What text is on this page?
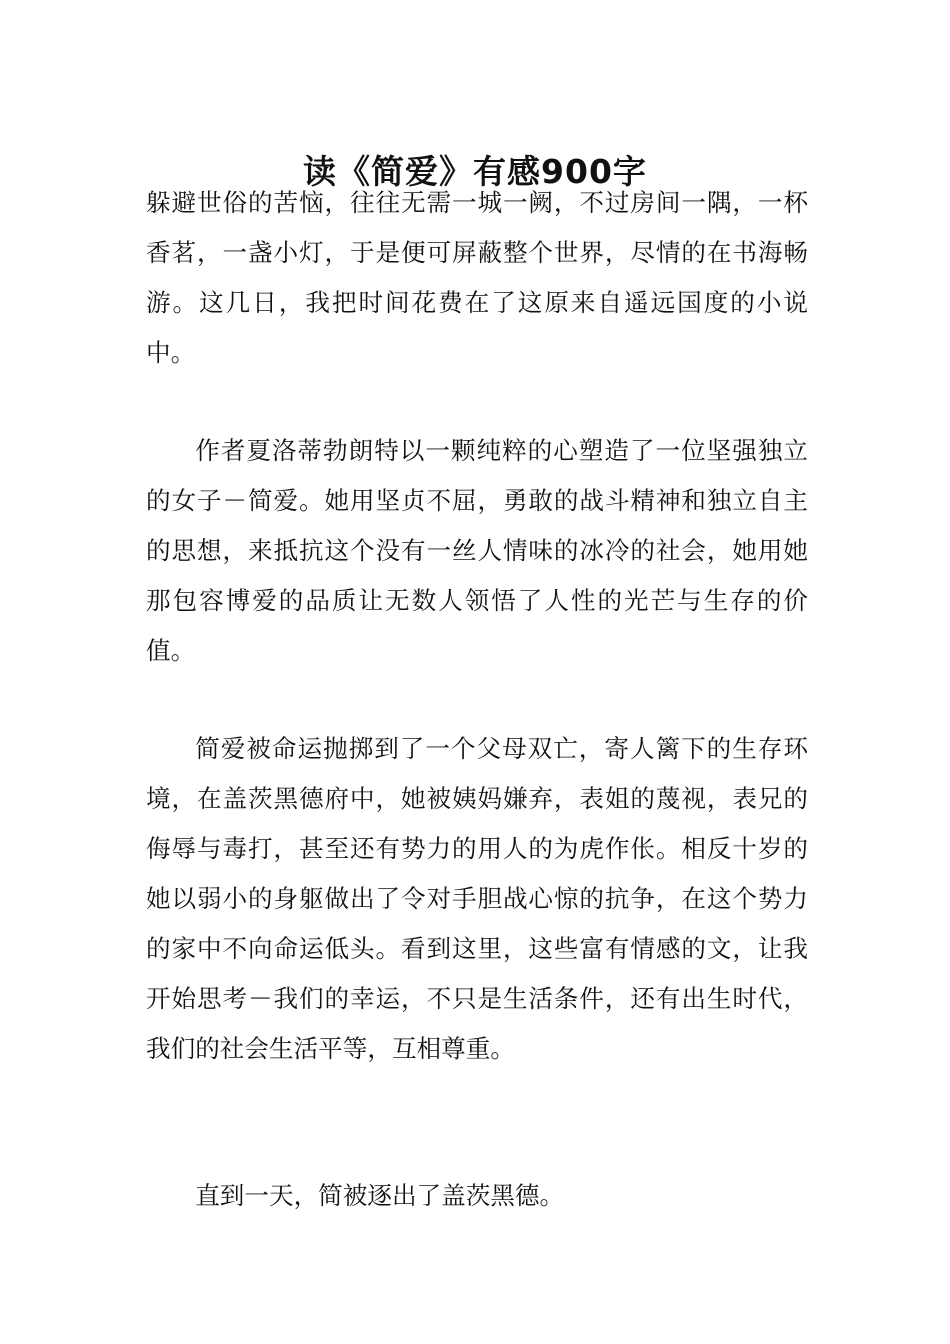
读《简爱》有感900字

躲避世俗的苦恼，往往无需一城一阙，不过房间一隅，一杯香茗，一盏小灯，于是便可屏蔽整个世界，尽情的在书海畅游。这几日，我把时间花费在了这原来自遥远国度的小说中。

作者夏洛蒂勃朗特以一颗纯粹的心塑造了一位坚强独立的女子－简爱。她用坚贞不屈，勇敢的战斗精神和独立自主的思想，来抵抗这个没有一丝人情味的冰冷的社会，她用她那包容博爱的品质让无数人领悟了人性的光芒与生存的价值。

简爱被命运抛掷到了一个父母双亡，寄人篱下的生存环境，在盖茨黑德府中，她被姨妈嫌弃，表姐的蔑视，表兄的侮辱与毒打，甚至还有势力的用人的为虎作伥。相反十岁的她以弱小的身躯做出了令对手胆战心惊的抗争，在这个势力的家中不向命运低头。看到这里，这些富有情感的文，让我开始思考－我们的幸运，不只是生活条件，还有出生时代，我们的社会生活平等，互相尊重。

直到一天，简被逐出了盖茨黑德。
